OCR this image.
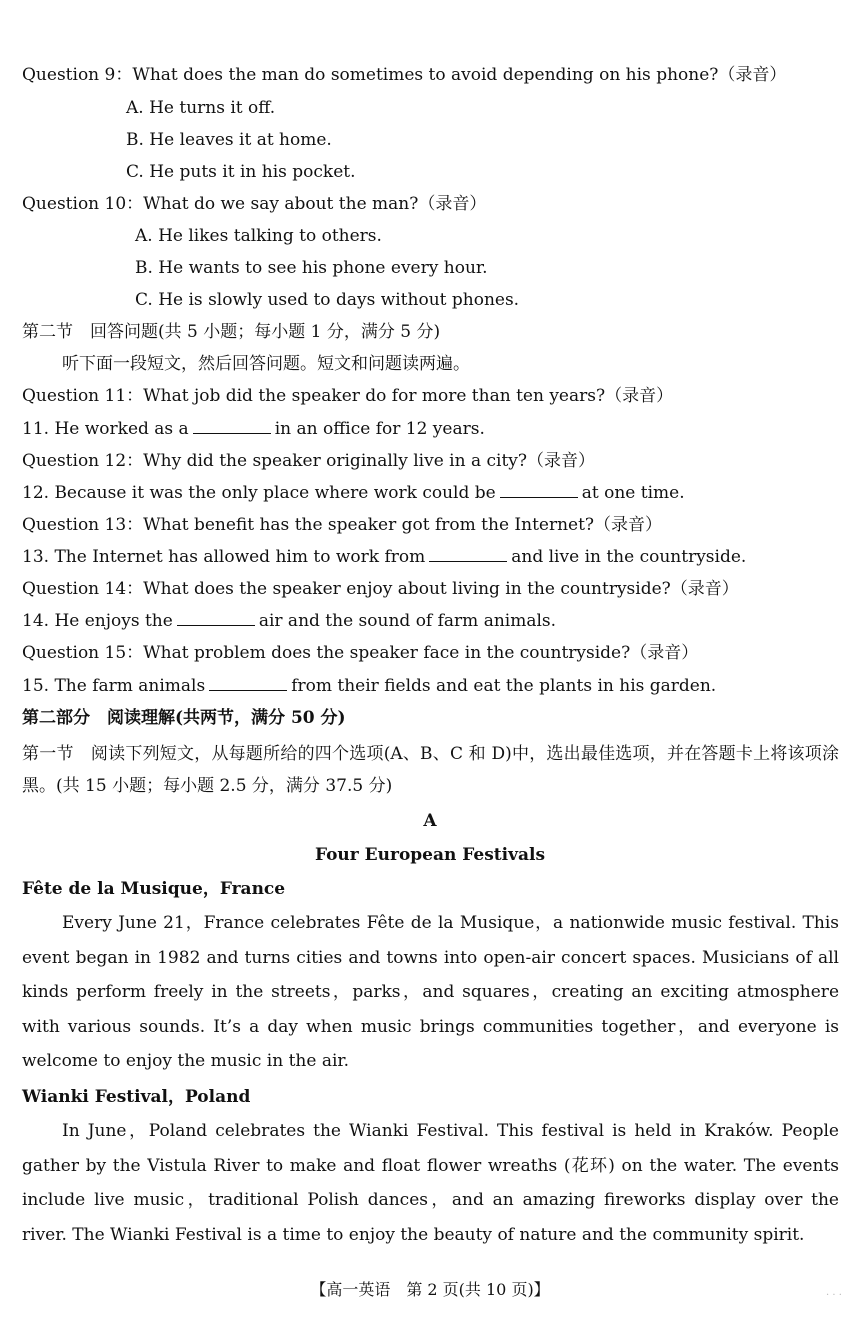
Question 9：What does the man do sometimes to avoid depending on his phone?（录音）
A. He turns it off.
B. He leaves it at home.
C. He puts it in his pocket.
Question 10：What do we say about the man?（录音）
A. He likes talking to others.
B. He wants to see his phone every hour.
C. He is slowly used to days without phones.
第二节　回答问题(共 5 小题；每小题 1 分，满分 5 分)
听下面一段短文，然后回答问题。短文和问题读两遍。
Question 11：What job did the speaker do for more than ten years?（录音）
11. He worked as a	in an office for 12 years.
Question 12：Why did the speaker originally live in a city?（录音）
12. Because it was the only place where work could be	at one time.
Question 13：What benefit has the speaker got from the Internet?（录音）
13. The Internet has allowed him to work from	and live in the countryside.
Question 14：What does the speaker enjoy about living in the countryside?（录音）
14. He enjoys the	air and the sound of farm animals.
Question 15：What problem does the speaker face in the countryside?（录音）
15. The farm animals	from their fields and eat the plants in his garden.
第二部分　阅读理解(共两节，满分 50 分)

第一节　阅读下列短文，从每题所给的四个选项(A、B、C 和 D)中，选出最佳选项，并在答题卡上将该项涂黑。(共 15 小题；每小题 2.5 分，满分 37.5 分)

A
Four European Festivals
Fête de la Musique，France

Every June 21，France celebrates Fête de la Musique，a nationwide music festival. This event began in 1982 and turns cities and towns into open-air concert spaces. Musicians of all kinds perform freely in the streets，parks，and squares，creating an exciting atmosphere with various sounds. It’s a day when music brings communities together，and everyone is welcome to enjoy the music in the air.

Wianki Festival，Poland

In June，Poland celebrates the Wianki Festival. This festival is held in Kraków. People gather by the Vistula River to make and float flower wreaths (花环) on the water. The events include live music，traditional Polish dances，and an amazing fireworks display over the river. The Wianki Festival is a time to enjoy the beauty of nature and the community spirit.

【高一英语　第 2 页(共 10 页)】	· · ·
